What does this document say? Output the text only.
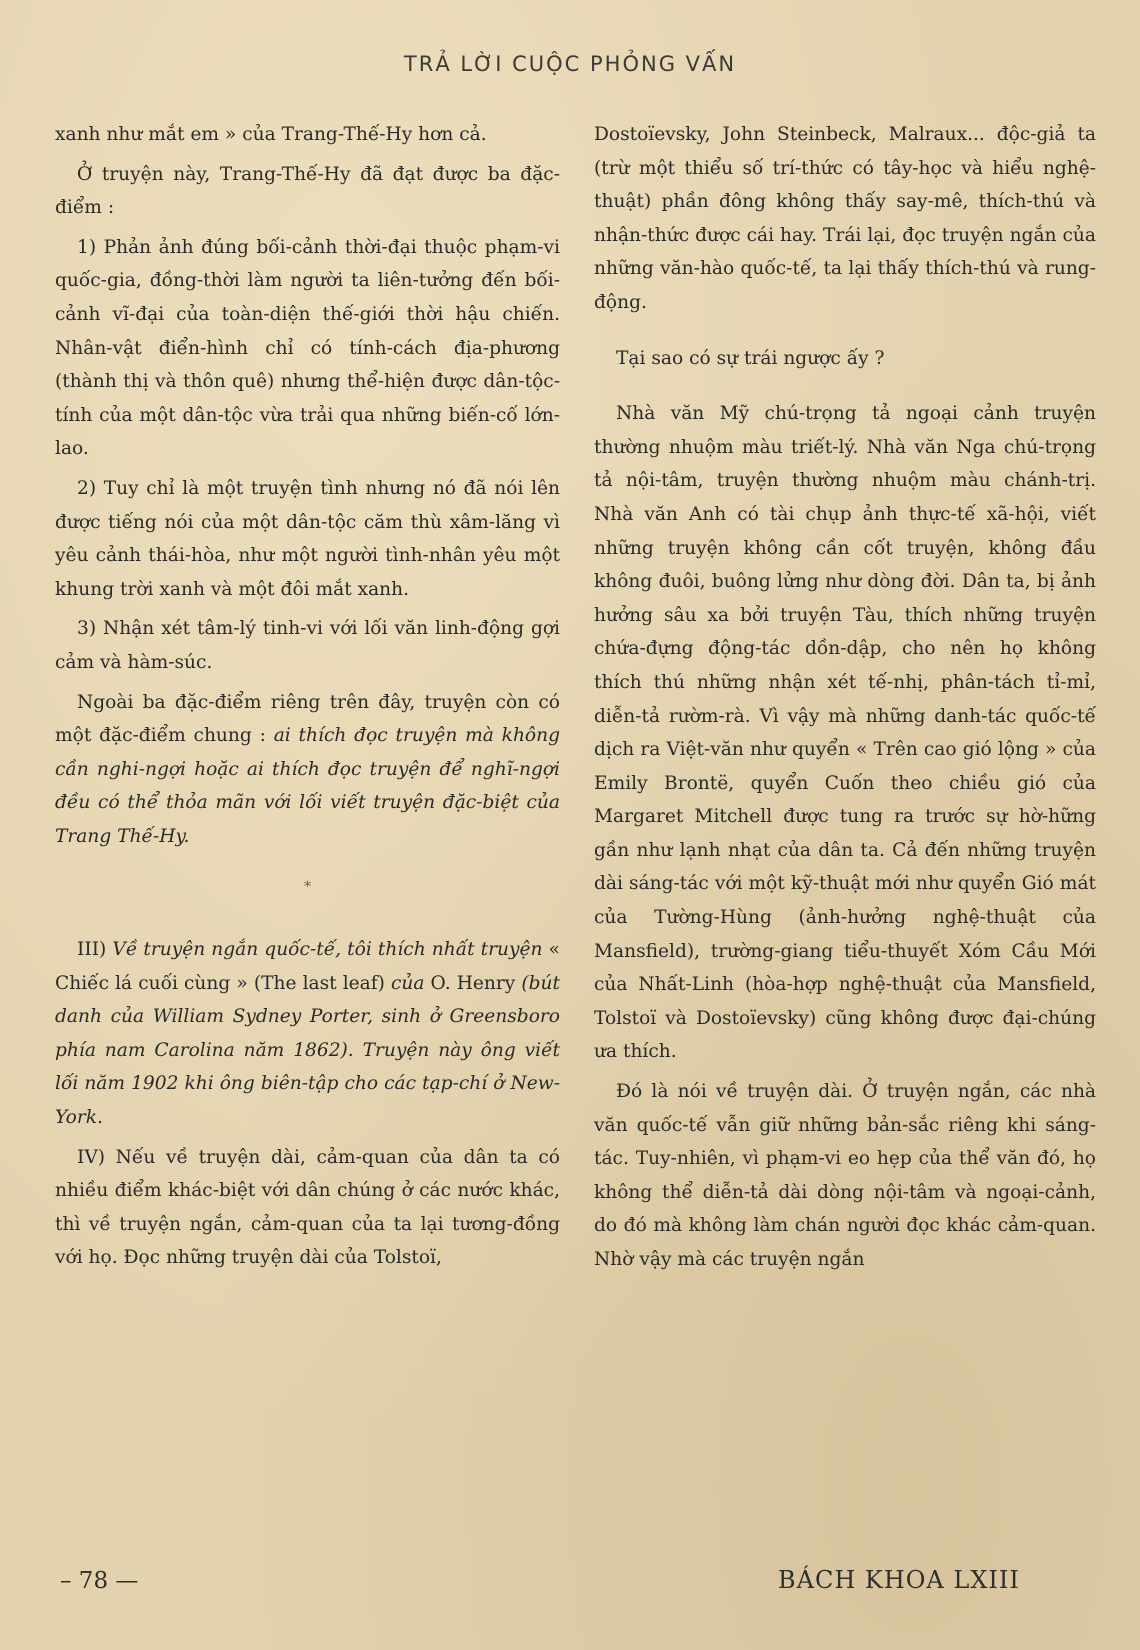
TRẢ LỜI CUỘC PHỎNG VẤN

xanh như mắt em » của Trang-Thế-Hy hơn cả.

Ở truyện này, Trang-Thế-Hy đã đạt được ba đặc-điểm :

1) Phản ảnh đúng bối-cảnh thời-đại thuộc phạm-vi quốc-gia, đồng-thời làm người ta liên-tưởng đến bối-cảnh vĩ-đại của toàn-diện thế-giới thời hậu chiến. Nhân-vật điển-hình chỉ có tính-cách địa-phương (thành thị và thôn quê) nhưng thể-hiện được dân-tộc-tính của một dân-tộc vừa trải qua những biến-cố lớn-lao.

2) Tuy chỉ là một truyện tình nhưng nó đã nói lên được tiếng nói của một dân-tộc căm thù xâm-lăng vì yêu cảnh thái-hòa, như một người tình-nhân yêu một khung trời xanh và một đôi mắt xanh.

3) Nhận xét tâm-lý tinh-vi với lối văn linh-động gợi cảm và hàm-súc.

Ngoài ba đặc-điểm riêng trên đây, truyện còn có một đặc-điểm chung : ai thích đọc truyện mà không cần nghi-ngợi hoặc ai thích đọc truyện để nghĩ-ngợi đều có thể thỏa mãn với lối viết truyện đặc-biệt của Trang Thế-Hy.

*

III) Về truyện ngắn quốc-tế, tôi thích nhất truyện « Chiếc lá cuối cùng » (The last leaf) của O. Henry (bút danh của William Sydney Porter, sinh ở Greensboro phía nam Carolina năm 1862). Truyện này ông viết lối năm 1902 khi ông biên-tập cho các tạp-chí ở New-York.

IV) Nếu về truyện dài, cảm-quan của dân ta có nhiều điểm khác-biệt với dân chúng ở các nước khác, thì về truyện ngắn, cảm-quan của ta lại tương-đồng với họ. Đọc những truyện dài của Tolstoï,

Dostoïevsky, John Steinbeck, Malraux... độc-giả ta (trừ một thiểu số trí-thức có tây-học và hiểu nghệ-thuật) phần đông không thấy say-mê, thích-thú và nhận-thức được cái hay. Trái lại, đọc truyện ngắn của những văn-hào quốc-tế, ta lại thấy thích-thú và rung-động.

Tại sao có sự trái ngược ấy ?

Nhà văn Mỹ chú-trọng tả ngoại cảnh truyện thường nhuộm màu triết-lý. Nhà văn Nga chú-trọng tả nội-tâm, truyện thường nhuộm màu chánh-trị. Nhà văn Anh có tài chụp ảnh thực-tế xã-hội, viết những truyện không cần cốt truyện, không đầu không đuôi, buông lửng như dòng đời. Dân ta, bị ảnh hưởng sâu xa bởi truyện Tàu, thích những truyện chứa-đựng động-tác dồn-dập, cho nên họ không thích thú những nhận xét tế-nhị, phân-tách tỉ-mỉ, diễn-tả rườm-rà. Vì vậy mà những danh-tác quốc-tế dịch ra Việt-văn như quyển « Trên cao gió lộng » của Emily Brontë, quyển Cuốn theo chiều gió của Margaret Mitchell được tung ra trước sự hờ-hững gần như lạnh nhạt của dân ta. Cả đến những truyện dài sáng-tác với một kỹ-thuật mới như quyển Gió mát của Tường-Hùng (ảnh-hưởng nghệ-thuật của Mansfield), trường-giang tiểu-thuyết Xóm Cầu Mới của Nhất-Linh (hòa-hợp nghệ-thuật của Mansfield, Tolstoï và Dostoïevsky) cũng không được đại-chúng ưa thích.

Đó là nói về truyện dài. Ở truyện ngắn, các nhà văn quốc-tế vẫn giữ những bản-sắc riêng khi sáng-tác. Tuy-nhiên, vì phạm-vi eo hẹp của thể văn đó, họ không thể diễn-tả dài dòng nội-tâm và ngoại-cảnh, do đó mà không làm chán người đọc khác cảm-quan. Nhờ vậy mà các truyện ngắn

– 78 —	BÁCH KHOA LXIII
